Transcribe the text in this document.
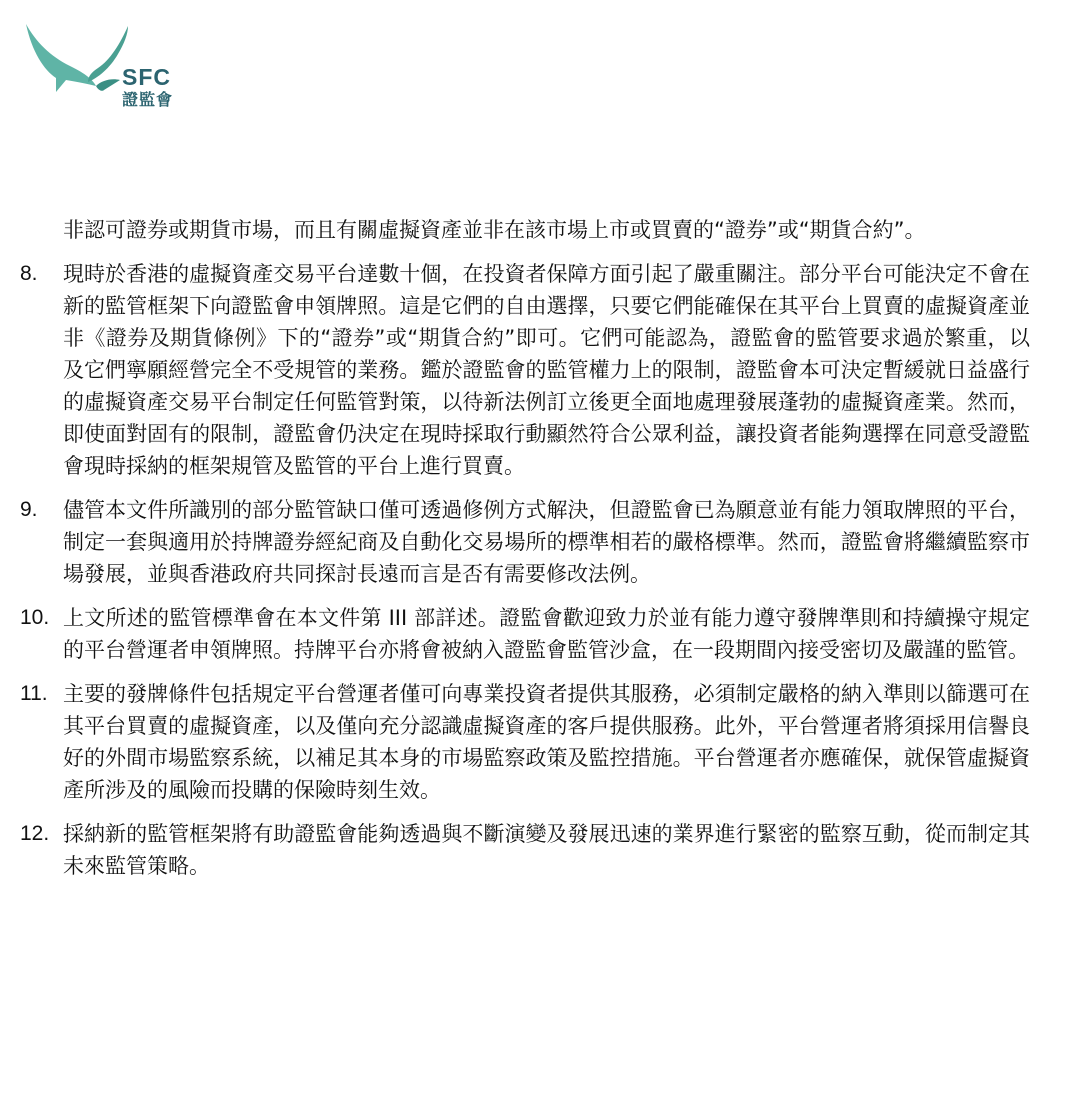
SFC
證監會
非認可證券或期貨市場，而且有關虛擬資產並非在該市場上市或買賣的“證券”或“期貨合約”。
8.	現時於香港的虛擬資產交易平台達數十個，在投資者保障方面引起了嚴重關注。部分平台可能決定不會在新的監管框架下向證監會申領牌照。這是它們的自由選擇，只要它們能確保在其平台上買賣的虛擬資產並非《證券及期貨條例》下的“證券”或“期貨合約”即可。它們可能認為，證監會的監管要求過於繁重，以及它們寧願經營完全不受規管的業務。鑑於證監會的監管權力上的限制，證監會本可決定暫緩就日益盛行的虛擬資產交易平台制定任何監管對策，以待新法例訂立後更全面地處理發展蓬勃的虛擬資產業。然而，即使面對固有的限制，證監會仍決定在現時採取行動顯然符合公眾利益，讓投資者能夠選擇在同意受證監會現時採納的框架規管及監管的平台上進行買賣。
9.	儘管本文件所識別的部分監管缺口僅可透過修例方式解決，但證監會已為願意並有能力領取牌照的平台，制定一套與適用於持牌證券經紀商及自動化交易場所的標準相若的嚴格標準。然而，證監會將繼續監察市場發展，並與香港政府共同探討長遠而言是否有需要修改法例。
10. 上文所述的監管標準會在本文件第 III 部詳述。證監會歡迎致力於並有能力遵守發牌準則和持續操守規定的平台營運者申領牌照。持牌平台亦將會被納入證監會監管沙盒，在一段期間內接受密切及嚴謹的監管。
11. 主要的發牌條件包括規定平台營運者僅可向專業投資者提供其服務，必須制定嚴格的納入準則以篩選可在其平台買賣的虛擬資產，以及僅向充分認識虛擬資產的客戶提供服務。此外，平台營運者將須採用信譽良好的外間市場監察系統，以補足其本身的市場監察政策及監控措施。平台營運者亦應確保，就保管虛擬資產所涉及的風險而投購的保險時刻生效。
12. 採納新的監管框架將有助證監會能夠透過與不斷演變及發展迅速的業界進行緊密的監察互動，從而制定其未來監管策略。
